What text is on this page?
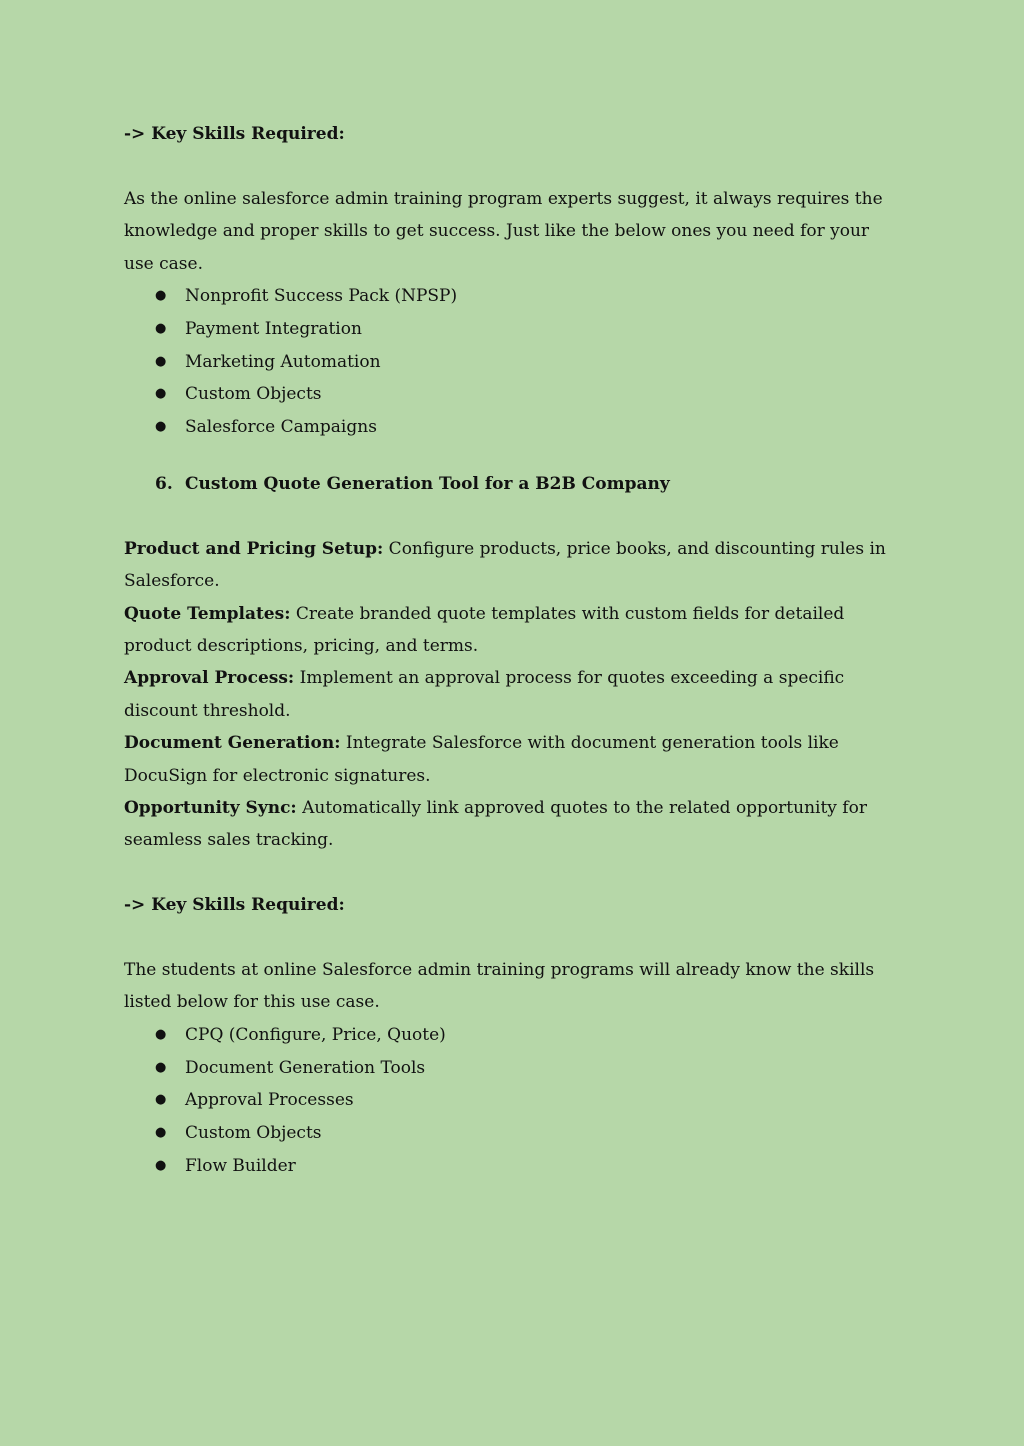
-> Key Skills Required:

As the online salesforce admin training program experts suggest, it always requires the knowledge and proper skills to get success. Just like the below ones you need for your use case.

● Nonprofit Success Pack (NPSP)
● Payment Integration
● Marketing Automation
● Custom Objects
● Salesforce Campaigns
6. Custom Quote Generation Tool for a B2B Company

Product and Pricing Setup: Configure products, price books, and discounting rules in Salesforce.

Quote Templates: Create branded quote templates with custom fields for detailed product descriptions, pricing, and terms.

Approval Process: Implement an approval process for quotes exceeding a specific discount threshold.

Document Generation: Integrate Salesforce with document generation tools like DocuSign for electronic signatures.

Opportunity Sync: Automatically link approved quotes to the related opportunity for seamless sales tracking.

-> Key Skills Required:

The students at online Salesforce admin training programs will already know the skills listed below for this use case.

● CPQ (Configure, Price, Quote)
● Document Generation Tools
● Approval Processes
● Custom Objects
● Flow Builder
